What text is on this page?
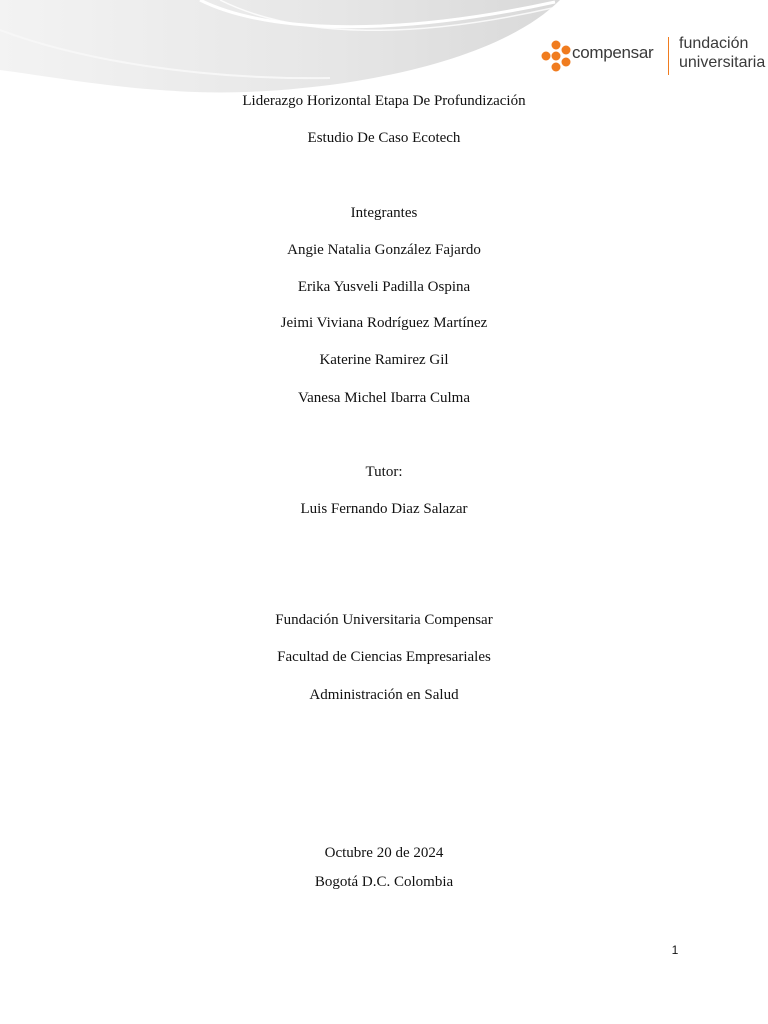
compensar fundación
universitaria
Liderazgo Horizontal Etapa De Profundización
Estudio De Caso Ecotech
Integrantes
Angie Natalia González Fajardo
Erika Yusveli Padilla Ospina
Jeimi Viviana Rodríguez Martínez
Katerine Ramirez Gil
Vanesa Michel Ibarra Culma
Tutor:
Luis Fernando Diaz Salazar
Fundación Universitaria Compensar
Facultad de Ciencias Empresariales
Administración en Salud
Octubre 20 de 2024
Bogotá D.C. Colombia
1
